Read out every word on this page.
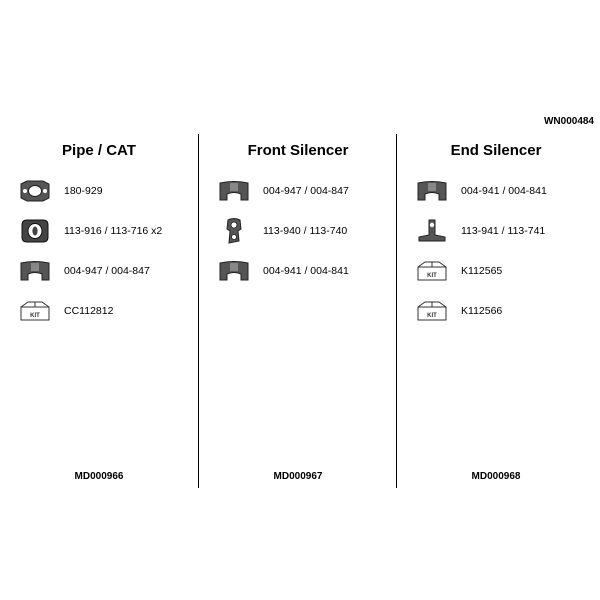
WN000484
Pipe / CAT
180-929
113-916 / 113-716 x2
004-947 / 004-847
KIT CC112812
MD000966
Front Silencer
004-947 / 004-847
113-940 / 113-740
004-941 / 004-841
MD000967
End Silencer
004-941 / 004-841
113-941 / 113-741
KIT K112565
KIT K112566
MD000968
